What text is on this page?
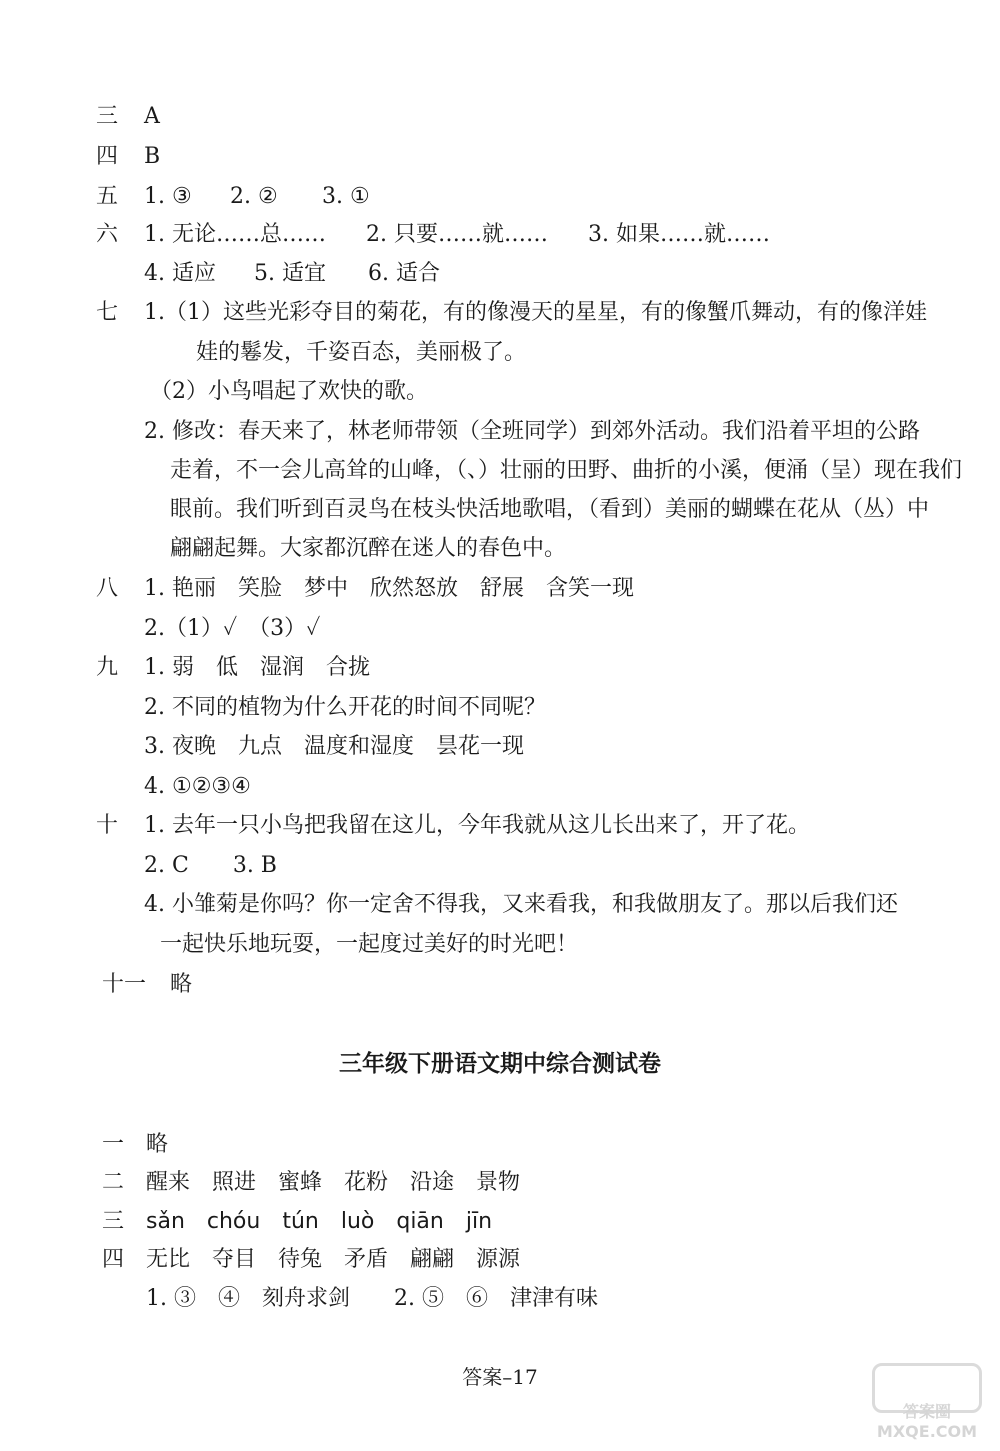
三 A
四 B
五 1. ③ 2. ② 3. ①
六 1. 无论……总…… 2. 只要……就…… 3. 如果……就……
4. 适应 5. 适宜 6. 适合
七 1.（1）这些光彩夺目的菊花，有的像漫天的星星，有的像蟹爪舞动，有的像洋娃
娃的鬈发，千姿百态，美丽极了。
（2）小鸟唱起了欢快的歌。
2. 修改：春天来了，林老师带领（全班同学）到郊外活动。我们沿着平坦的公路
走着，不一会儿高耸的山峰，（、）壮丽的田野、曲折的小溪，便涌（呈）现在我们
眼前。我们听到百灵鸟在枝头快活地歌唱，（看到）美丽的蝴蝶在花从（丛）中
翩翩起舞。大家都沉醉在迷人的春色中。
八 1. 艳丽　笑脸　梦中　欣然怒放　舒展　含笑一现
2.（1）✓　（3）✓
九 1. 弱　低　湿润　合拢
2. 不同的植物为什么开花的时间不同呢？
3. 夜晚　九点　温度和湿度　昙花一现
4. ①②③④
十 1. 去年一只小鸟把我留在这儿，今年我就从这儿长出来了，开了花。
2. C　　3. B
4. 小雏菊是你吗？你一定舍不得我，又来看我，和我做朋友了。那以后我们还
一起快乐地玩耍，一起度过美好的时光吧！
十一 略
三年级下册语文期中综合测试卷
一 略
二 醒来　照进　蜜蜂　花粉　沿途　景物
三 sǎn　chóu　tún　luò　qiān　jīn
四 无比　夺目　待兔　矛盾　翩翩　源源
1. ③　④　刻舟求剑　　2. ⑤　⑥　津津有味
答案–17
答案圈
MXQE.COM
